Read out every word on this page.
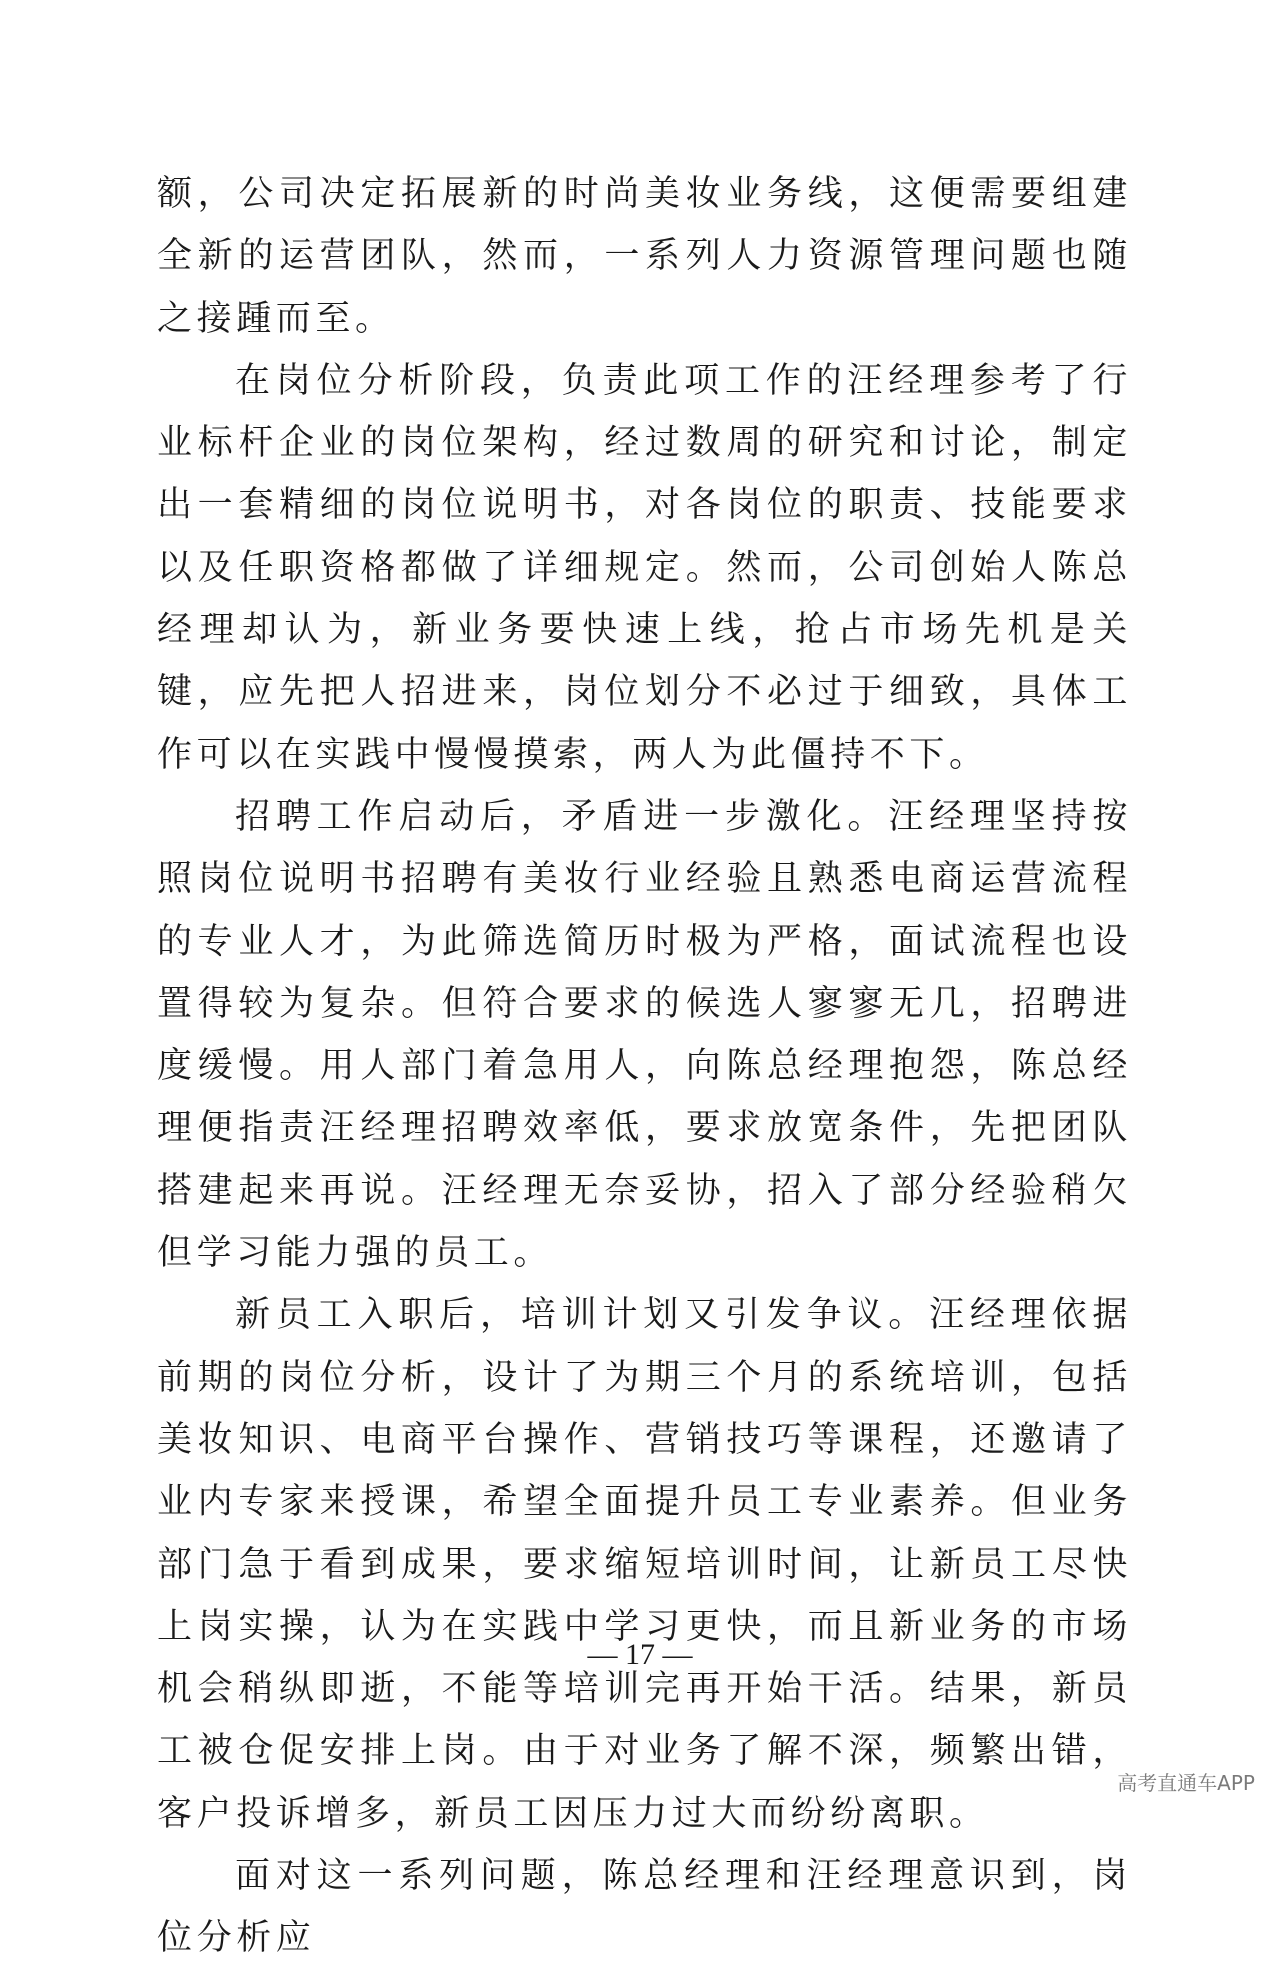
额，公司决定拓展新的时尚美妆业务线，这便需要组建全新的运营团队，然而，一系列人力资源管理问题也随之接踵而至。

在岗位分析阶段，负责此项工作的汪经理参考了行业标杆企业的岗位架构，经过数周的研究和讨论，制定出一套精细的岗位说明书，对各岗位的职责、技能要求以及任职资格都做了详细规定。然而，公司创始人陈总经理却认为，新业务要快速上线，抢占市场先机是关键，应先把人招进来，岗位划分不必过于细致，具体工作可以在实践中慢慢摸索，两人为此僵持不下。

招聘工作启动后，矛盾进一步激化。汪经理坚持按照岗位说明书招聘有美妆行业经验且熟悉电商运营流程的专业人才，为此筛选简历时极为严格，面试流程也设置得较为复杂。但符合要求的候选人寥寥无几，招聘进度缓慢。用人部门着急用人，向陈总经理抱怨，陈总经理便指责汪经理招聘效率低，要求放宽条件，先把团队搭建起来再说。汪经理无奈妥协，招入了部分经验稍欠但学习能力强的员工。

新员工入职后，培训计划又引发争议。汪经理依据前期的岗位分析，设计了为期三个月的系统培训，包括美妆知识、电商平台操作、营销技巧等课程，还邀请了业内专家来授课，希望全面提升员工专业素养。但业务部门急于看到成果，要求缩短培训时间，让新员工尽快上岗实操，认为在实践中学习更快，而且新业务的市场机会稍纵即逝，不能等培训完再开始干活。结果，新员工被仓促安排上岗。由于对业务了解不深，频繁出错，客户投诉增多，新员工因压力过大而纷纷离职。

面对这一系列问题，陈总经理和汪经理意识到，岗位分析应

— 17 —
高考直通车APP
